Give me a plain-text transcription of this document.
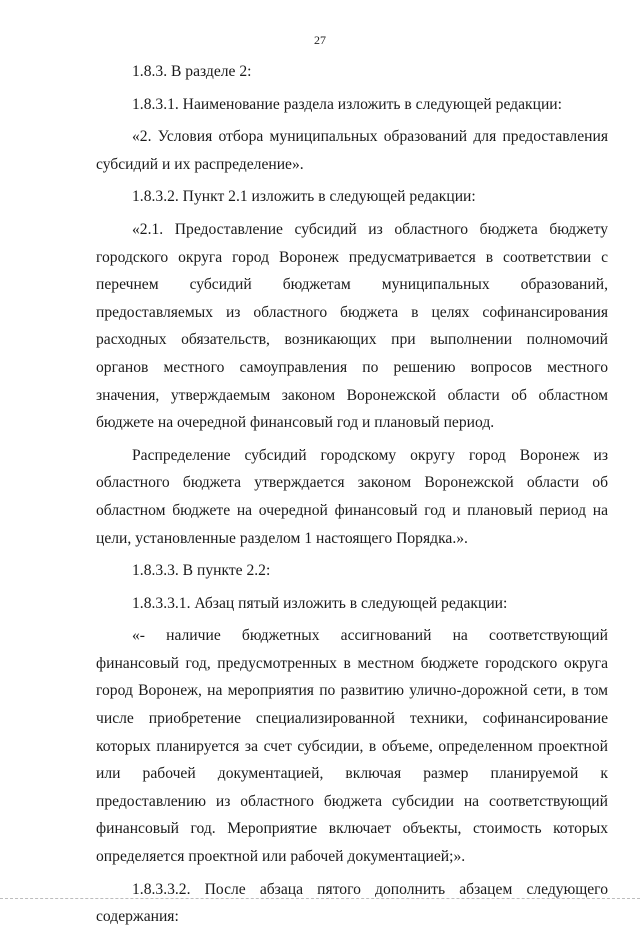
27

1.8.3. В разделе 2:

1.8.3.1. Наименование раздела изложить в следующей редакции:

«2. Условия отбора муниципальных образований для предоставления субсидий и их распределение».

1.8.3.2. Пункт 2.1 изложить в следующей редакции:

«2.1. Предоставление субсидий из областного бюджета бюджету городского округа город Воронеж предусматривается в соответствии с перечнем субсидий бюджетам муниципальных образований, предоставляемых из областного бюджета в целях софинансирования расходных обязательств, возникающих при выполнении полномочий органов местного самоуправления по решению вопросов местного значения, утверждаемым законом Воронежской области об областном бюджете на очередной финансовый год и плановый период.

Распределение субсидий городскому округу город Воронеж из областного бюджета утверждается законом Воронежской области об областном бюджете на очередной финансовый год и плановый период на цели, установленные разделом 1 настоящего Порядка.».

1.8.3.3. В пункте 2.2:

1.8.3.3.1. Абзац пятый изложить в следующей редакции:

«- наличие бюджетных ассигнований на соответствующий финансовый год, предусмотренных в местном бюджете городского округа город Воронеж, на мероприятия по развитию улично-дорожной сети, в том числе приобретение специализированной техники, софинансирование которых планируется за счет субсидии, в объеме, определенном проектной или рабочей документацией, включая размер планируемой к предоставлению из областного бюджета субсидии на соответствующий финансовый год. Мероприятие включает объекты, стоимость которых определяется проектной или рабочей документацией;».

1.8.3.3.2. После абзаца пятого дополнить абзацем следующего содержания:
